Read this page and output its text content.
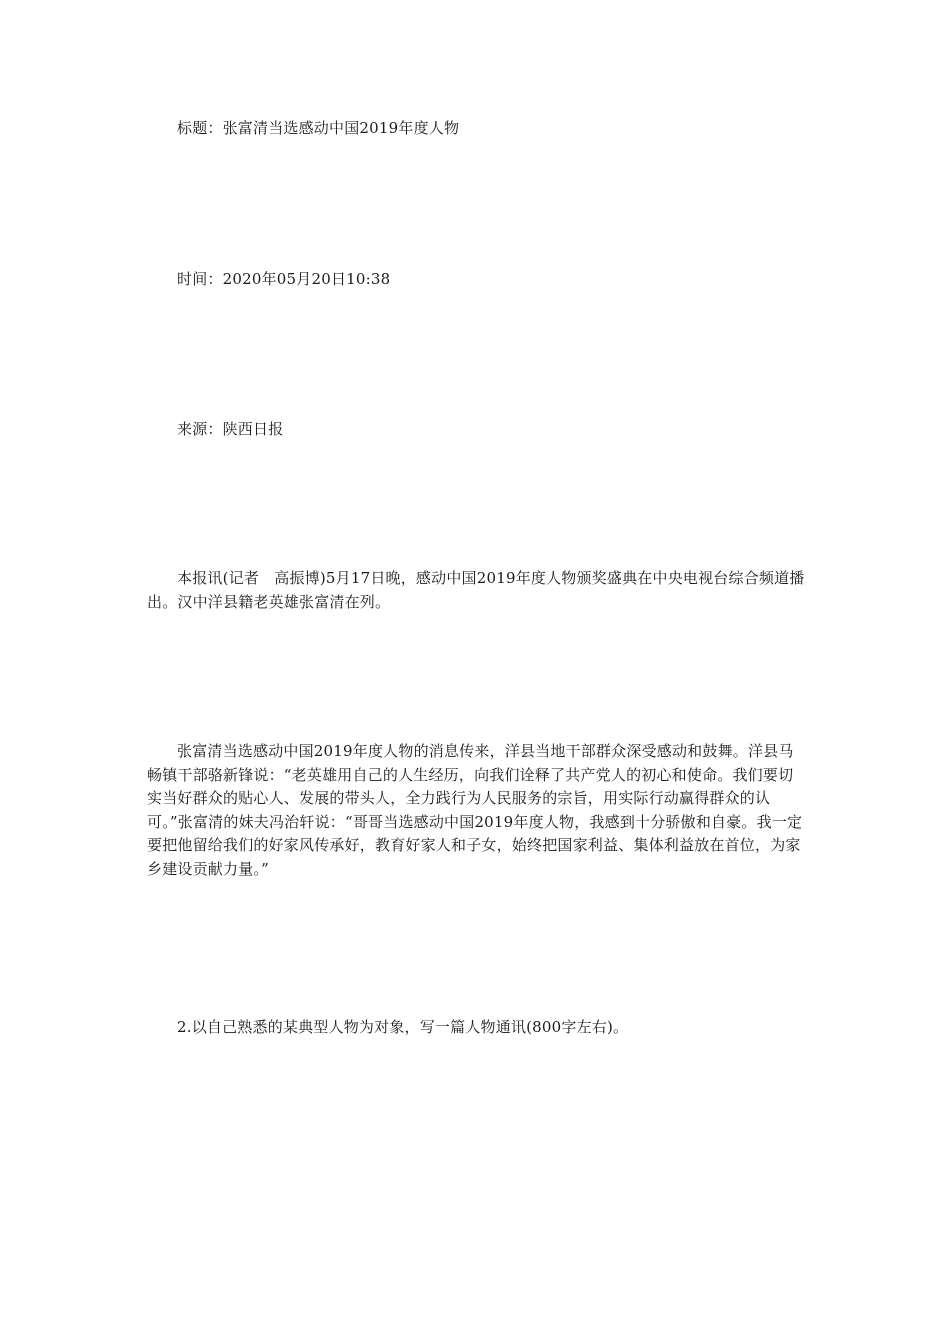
标题：张富清当选感动中国2019年度人物

时间：2020年05月20日10:38

来源：陕西日报

本报讯(记者　高振博)5月17日晚，感动中国2019年度人物颁奖盛典在中央电视台综合频道播出。汉中洋县籍老英雄张富清在列。

张富清当选感动中国2019年度人物的消息传来，洋县当地干部群众深受感动和鼓舞。洋县马畅镇干部骆新锋说：“老英雄用自己的人生经历，向我们诠释了共产党人的初心和使命。我们要切实当好群众的贴心人、发展的带头人，全力践行为人民服务的宗旨，用实际行动赢得群众的认可。”张富清的妹夫冯治轩说：“哥哥当选感动中国2019年度人物，我感到十分骄傲和自豪。我一定要把他留给我们的好家风传承好，教育好家人和子女，始终把国家利益、集体利益放在首位，为家乡建设贡献力量。”

2.以自己熟悉的某典型人物为对象，写一篇人物通讯(800字左右)。
